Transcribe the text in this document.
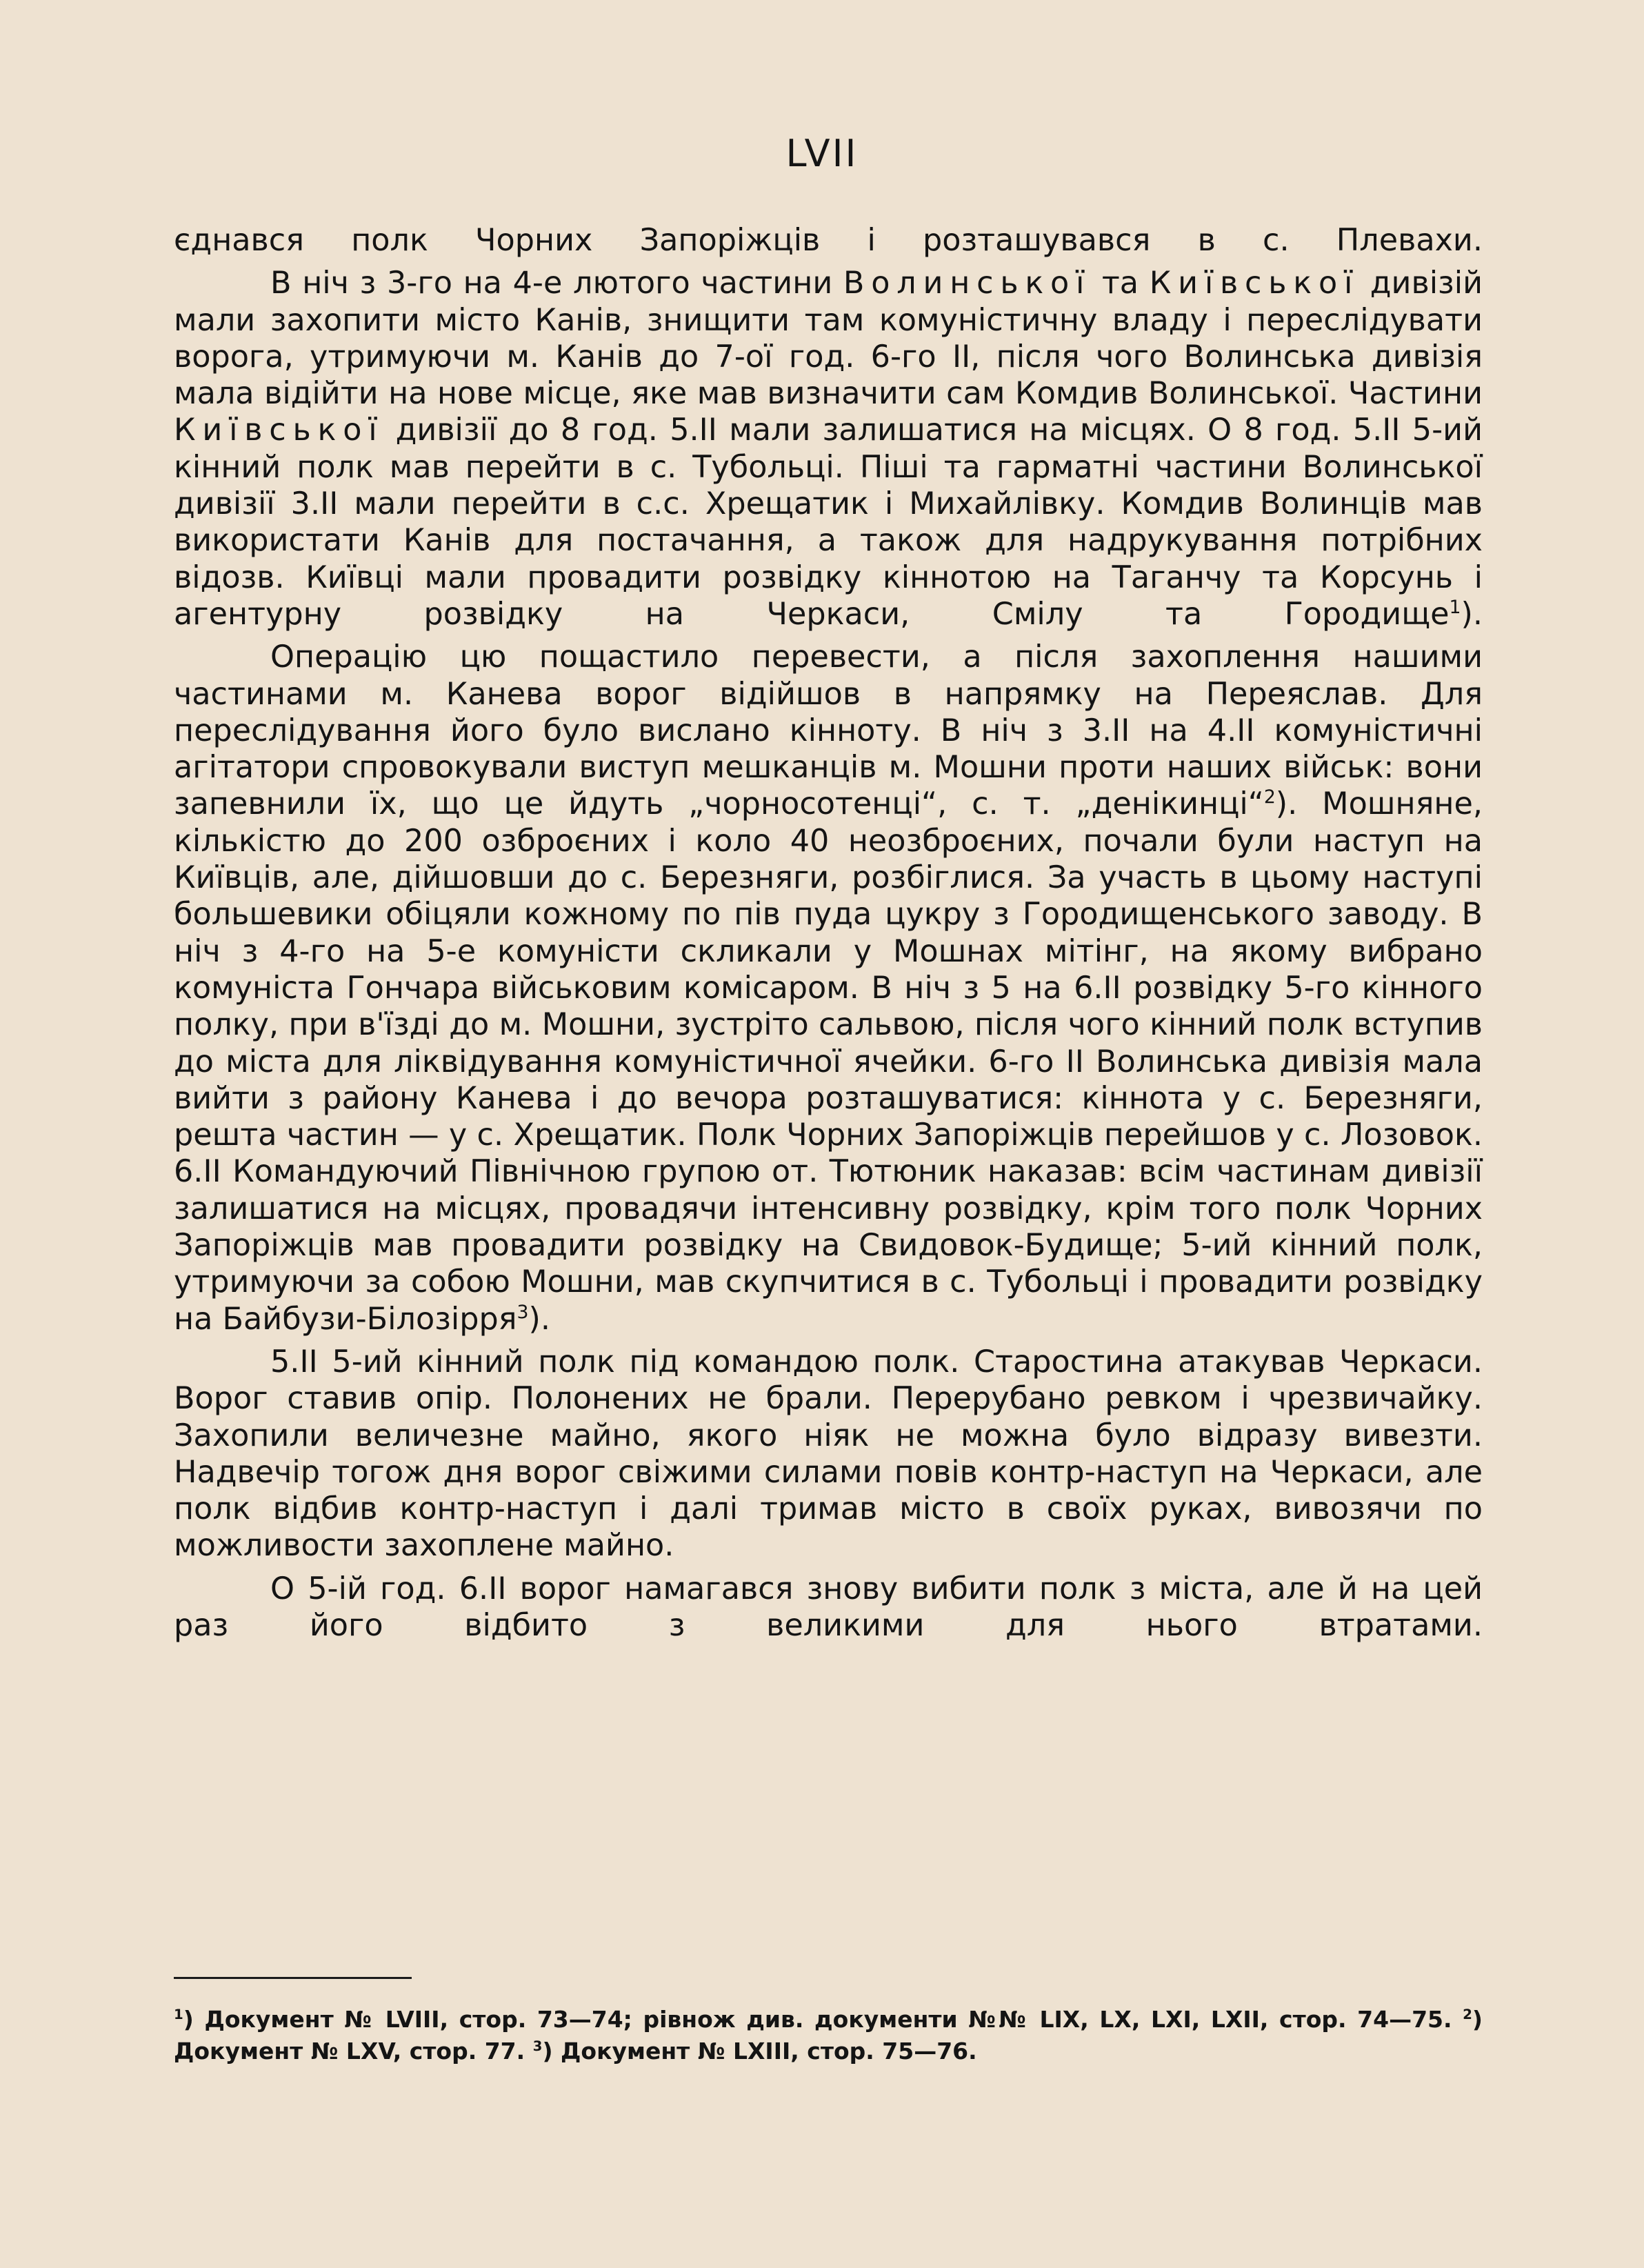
LVII

єднався полк Чорних Запоріжців і розташувався в с. Плевахи.

В ніч з 3-го на 4-е лютого частини Волинської та Київської дивізій мали захопити місто Канів, знищити там комуністичну владу і переслідувати ворога, утримуючи м. Канів до 7-ої год. 6-го II, після чого Волинська дивізія мала відійти на нове місце, яке мав визначити сам Комдив Волинської. Частини Київської дивізії до 8 год. 5.II мали залишатися на місцях. О 8 год. 5.II 5-ий кінний полк мав перейти в с. Тубольці. Піші та гарматні частини Волинської дивізії 3.II мали перейти в с.с. Хрещатик і Михайлівку. Комдив Волинців мав використати Канів для постачання, а також для надрукування потрібних відозв. Київці мали провадити розвідку кіннотою на Таганчу та Корсунь і агентурну розвідку на Черкаси, Смілу та Городище$^1$).

Операцію цю пощастило перевести, а після захоплення нашими частинами м. Канева ворог відійшов в напрямку на Переяслав. Для переслідування його було вислано кінноту. В ніч з 3.II на 4.II комуністичні агітатори спровокували виступ мешканців м. Мошни проти наших військ: вони запевнили їх, що це йдуть „чорносотенці“, с. т. „денікинці“$^2$). Мошняне, кількістю до 200 озброєних і коло 40 неозброєних, почали були наступ на Київців, але, дійшовши до с. Березняги, розбіглися. За участь в цьому наступі большевики обіцяли кожному по пів пуда цукру з Городищенського заводу. В ніч з 4-го на 5-е комуністи скликали у Мошнах мітінг, на якому вибрано комуніста Гончара військовим комісаром. В ніч з 5 на 6.II розвідку 5-го кінного полку, при в'їзді до м. Мошни, зустріто сальвою, після чого кінний полк вступив до міста для ліквідування комуністичної ячейки. 6-го II Волинська дивізія мала вийти з району Канева і до вечора розташуватися: кіннота у с. Березняги, решта частин — у с. Хрещатик. Полк Чорних Запоріжців перейшов у с. Лозовок. 6.II Командуючий Північною групою от. Тютюник наказав: всім частинам дивізії залишатися на місцях, провадячи інтенсивну розвідку, крім того полк Чорних Запоріжців мав провадити розвідку на Свидовок-Будище; 5-ий кінний полк, утримуючи за собою Мошни, мав скупчитися в с. Тубольці і провадити розвідку на Байбузи-Білозірря$^3$).

5.II 5-ий кінний полк під командою полк. Старостина атакував Черкаси. Ворог ставив опір. Полонених не брали. Перерубано ревком і чрезвичайку. Захопили величезне майно, якого ніяк не можна було відразу вивезти. Надвечір тогож дня ворог свіжими силами повів контр-наступ на Черкаси, але полк відбив контр-наступ і далі тримав місто в своїх руках, вивозячи по можливости захоплене майно.

О 5-ій год. 6.II ворог намагався знову вибити полк з міста, але й на цей раз його відбито з великими для нього втратами.

$^1$) Документ № LVIII, стор. 73—74; рівнож див. документи №№ LIX, LX, LXI, LXII, стор. 74—75. $^2$) Документ № LXV, стор. 77. $^3$) Документ № LXIII, стор. 75—76.
